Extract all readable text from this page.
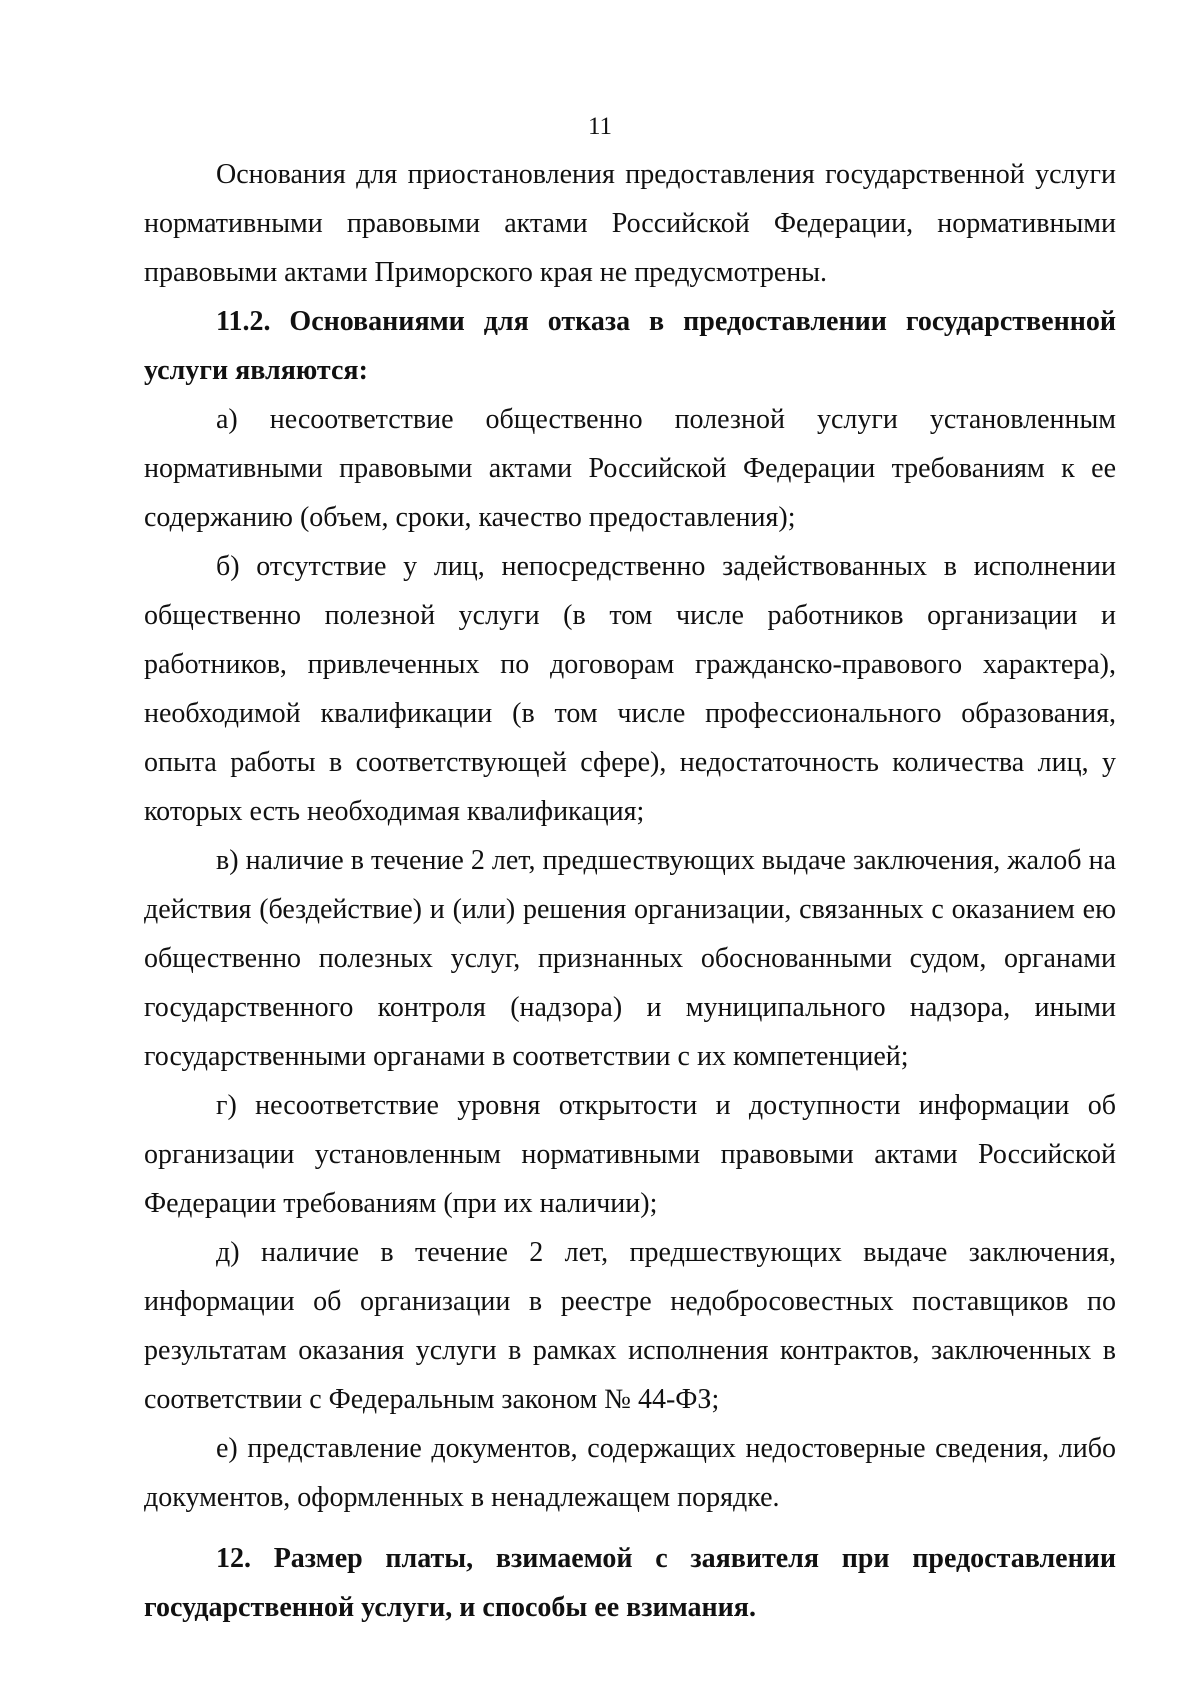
11

Основания для приостановления предоставления государственной услуги нормативными правовыми актами Российской Федерации, нормативными правовыми актами Приморского края не предусмотрены.

11.2. Основаниями для отказа в предоставлении государственной услуги являются:

а) несоответствие общественно полезной услуги установленным нормативными правовыми актами Российской Федерации требованиям к ее содержанию (объем, сроки, качество предоставления);

б) отсутствие у лиц, непосредственно задействованных в исполнении общественно полезной услуги (в том числе работников организации и работников, привлеченных по договорам гражданско-правового характера), необходимой квалификации (в том числе профессионального образования, опыта работы в соответствующей сфере), недостаточность количества лиц, у которых есть необходимая квалификация;

в) наличие в течение 2 лет, предшествующих выдаче заключения, жалоб на действия (бездействие) и (или) решения организации, связанных с оказанием ею общественно полезных услуг, признанных обоснованными судом, органами государственного контроля (надзора) и муниципального надзора, иными государственными органами в соответствии с их компетенцией;

г) несоответствие уровня открытости и доступности информации об организации установленным нормативными правовыми актами Российской Федерации требованиям (при их наличии);

д) наличие в течение 2 лет, предшествующих выдаче заключения, информации об организации в реестре недобросовестных поставщиков по результатам оказания услуги в рамках исполнения контрактов, заключенных в соответствии с Федеральным законом № 44-ФЗ;

е) представление документов, содержащих недостоверные сведения, либо документов, оформленных в ненадлежащем порядке.

12. Размер платы, взимаемой с заявителя при предоставлении государственной услуги, и способы ее взимания.
